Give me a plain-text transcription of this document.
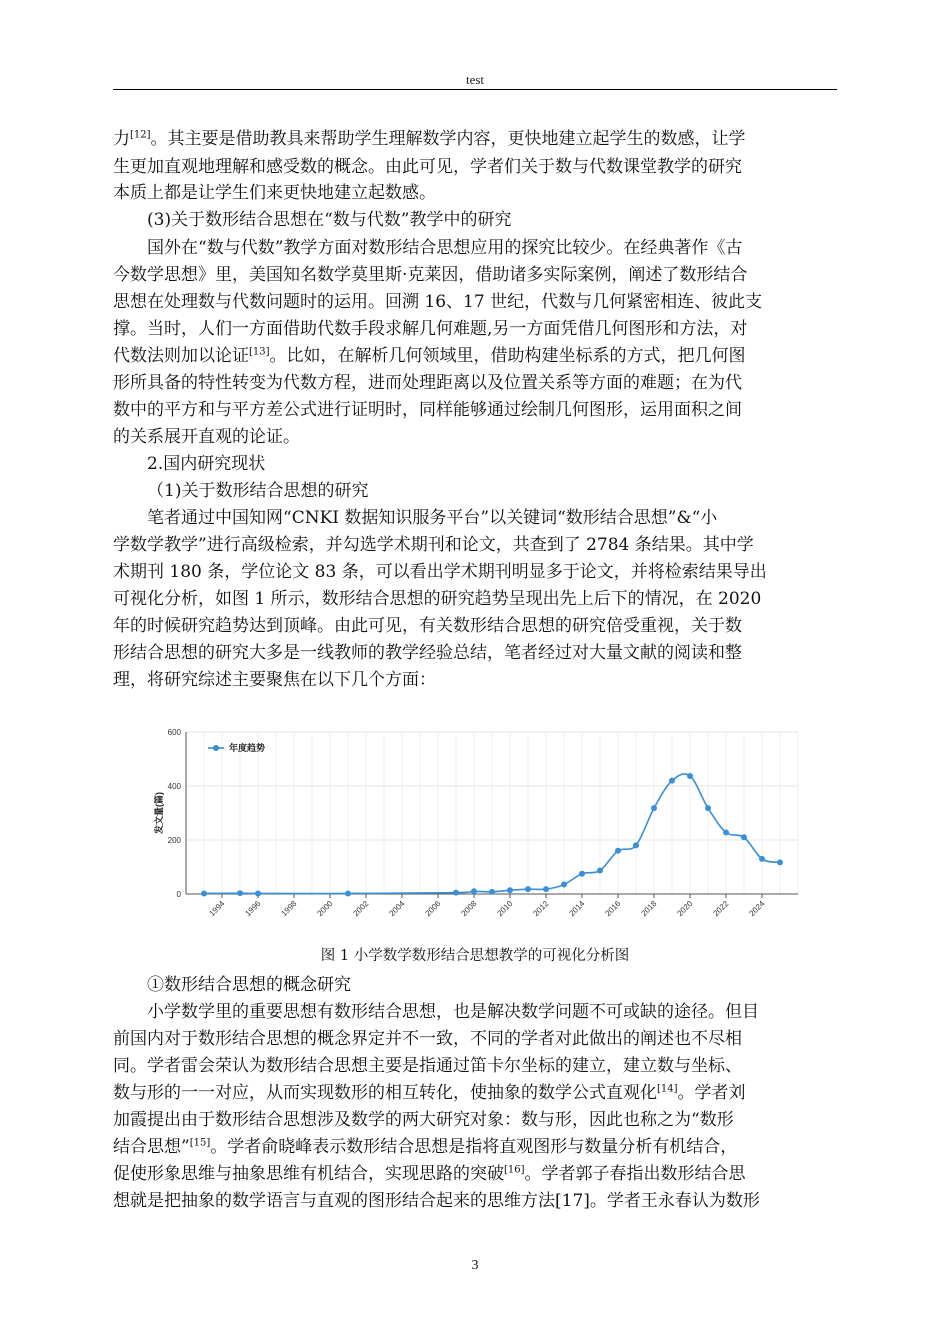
test
力[12]。其主要是借助教具来帮助学生理解数学内容，更快地建立起学生的数感，让学
生更加直观地理解和感受数的概念。由此可见，学者们关于数与代数课堂教学的研究
本质上都是让学生们来更快地建立起数感。
(3)关于数形结合思想在“数与代数”教学中的研究
国外在“数与代数”教学方面对数形结合思想应用的探究比较少。在经典著作《古
今数学思想》里，美国知名数学莫里斯·克莱因，借助诸多实际案例，阐述了数形结合
思想在处理数与代数问题时的运用。回溯 16、17 世纪，代数与几何紧密相连、彼此支
撑。当时，人们一方面借助代数手段求解几何难题,另一方面凭借几何图形和方法，对
代数法则加以论证[13]。比如，在解析几何领域里，借助构建坐标系的方式，把几何图
形所具备的特性转变为代数方程，进而处理距离以及位置关系等方面的难题；在为代
数中的平方和与平方差公式进行证明时，同样能够通过绘制几何图形，运用面积之间
的关系展开直观的论证。
2.国内研究现状
（1)关于数形结合思想的研究
笔者通过中国知网“CNKI 数据知识服务平台”以关键词“数形结合思想”&“小
学数学教学”进行高级检索，并勾选学术期刊和论文，共查到了 2784 条结果。其中学
术期刊 180 条，学位论文 83 条，可以看出学术期刊明显多于论文，并将检索结果导出
可视化分析，如图 1 所示，数形结合思想的研究趋势呈现出先上后下的情况，在 2020
年的时候研究趋势达到顶峰。由此可见，有关数形结合思想的研究倍受重视，关于数
形结合思想的研究大多是一线教师的教学经验总结，笔者经过对大量文献的阅读和整
理，将研究综述主要聚焦在以下几个方面：
①数形结合思想的概念研究
小学数学里的重要思想有数形结合思想，也是解决数学问题不可或缺的途径。但目
前国内对于数形结合思想的概念界定并不一致，不同的学者对此做出的阐述也不尽相
同。学者雷会荣认为数形结合思想主要是指通过笛卡尔坐标的建立，建立数与坐标、
数与形的一一对应，从而实现数形的相互转化，使抽象的数学公式直观化[14]。学者刘
加霞提出由于数形结合思想涉及数学的两大研究对象：数与形，因此也称之为“数形
结合思想”[15]。学者俞晓峰表示数形结合思想是指将直观图形与数量分析有机结合，
促使形象思维与抽象思维有机结合，实现思路的突破[16]。学者郭子春指出数形结合思
想就是把抽象的数学语言与直观的图形结合起来的思维方法[17]。学者王永春认为数形
0
200
400
600
1994 1996 1998 2000 2002 2004 2006 2008 2010 2012 2014 2016 2018 2020 2022 2024
发文量(篇)
年度趋势
图 1 小学数学数形结合思想教学的可视化分析图
3
